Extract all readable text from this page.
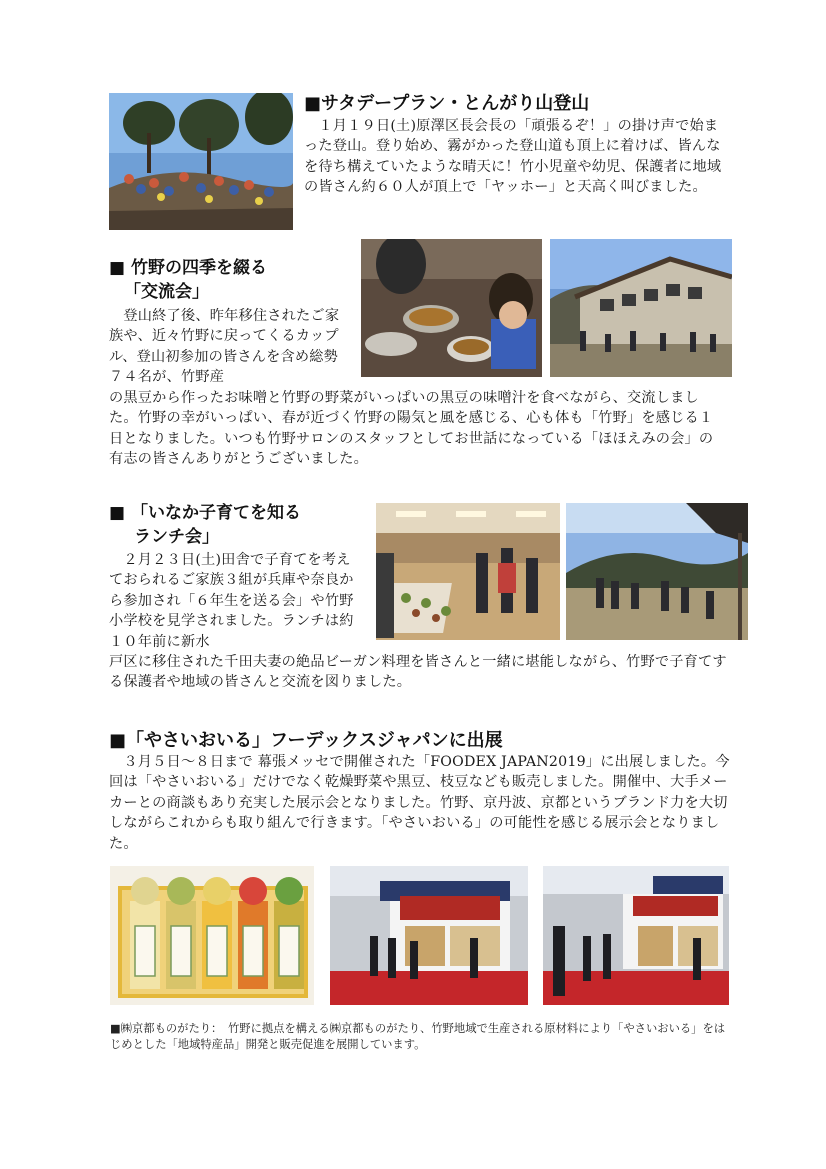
■サタデープラン・とんがり山登山
　１月１９日(土)原澤区長会長の「頑張るぞ！」の掛け声で始まった登山。登り始め、霧がかった登山道も頂上に着けば、皆んなを待ち構えていたような晴天に！竹小児童や幼児、保護者に地域の皆さん約６０人が頂上で「ヤッホー」と天高く叫びました。
■ 竹野の四季を綴る
「交流会」
　登山終了後、昨年移住されたご家族や、近々竹野に戻ってくるカップル、登山初参加の皆さんを含め総勢７４名が、竹野産
の黒豆から作ったお味噌と竹野の野菜がいっぱいの黒豆の味噌汁を食べながら、交流しました。竹野の幸がいっぱい、春が近づく竹野の陽気と風を感じる、心も体も「竹野」を感じる１日となりました。いつも竹野サロンのスタッフとしてお世話になっている「ほほえみの会」の有志の皆さんありがとうございました。
■ 「いなか子育てを知る
ランチ会」
　２月２３日(土)田舎で子育てを考えておられるご家族３組が兵庫や奈良から参加され「６年生を送る会」や竹野小学校を見学されました。ランチは約１０年前に新水
戸区に移住された千田夫妻の絶品ビーガン料理を皆さんと一緒に堪能しながら、竹野で子育てする保護者や地域の皆さんと交流を図りました。
■「やさいおいる」フーデックスジャパンに出展
　３月５日～８日まで 幕張メッセで開催された「FOODEX JAPAN2019」に出展しました。今回は「やさいおいる」だけでなく乾燥野菜や黒豆、枝豆なども販売しました。開催中、大手メーカーとの商談もあり充実した展示会となりました。竹野、京丹波、京都というブランド力を大切しながらこれからも取り組んで行きます。「やさいおいる」の可能性を感じる展示会となりました。
■㈱京都ものがたり：　竹野に拠点を構える㈱京都ものがたり、竹野地域で生産される原材料により「やさいおいる」をはじめとした「地域特産品」開発と販売促進を展開しています。
